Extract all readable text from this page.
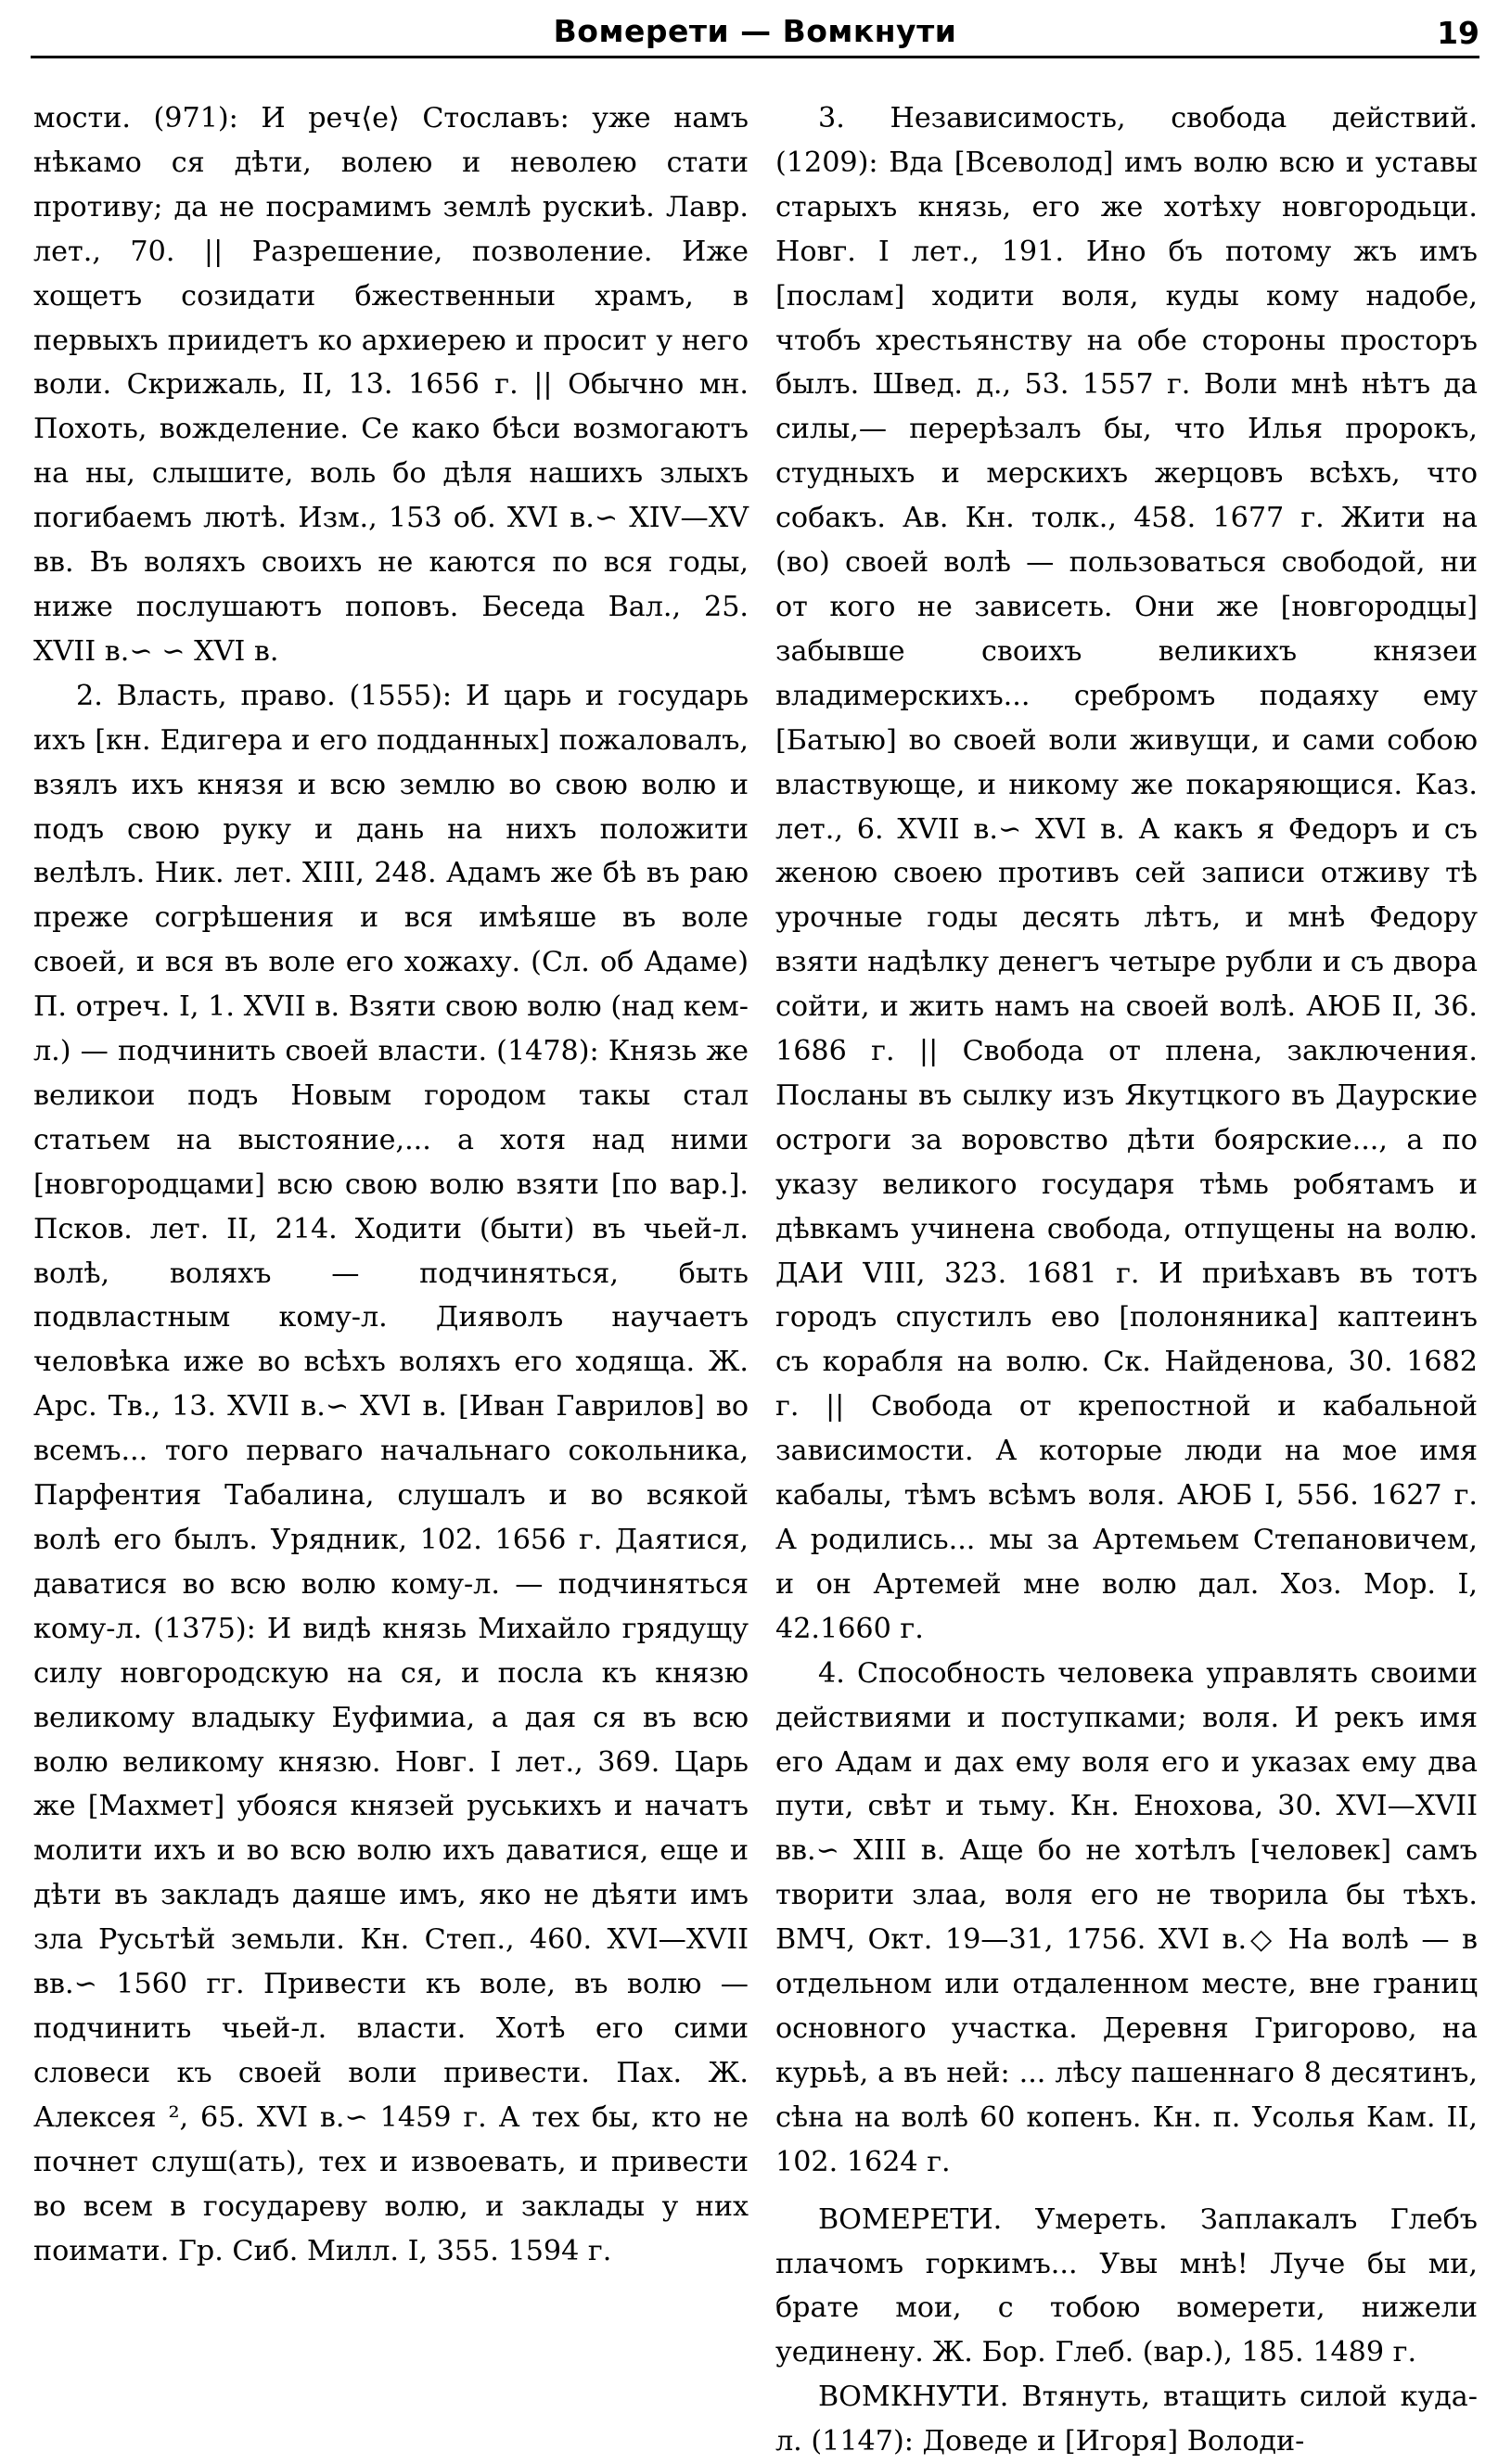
Вомерети — Вомкнути	19

мости. (971): И реч⟨е⟩ Стославъ: уже намъ нѣкамо ся дѣти, волею и неволею стати противу; да не посрамимъ землѣ рускиѣ. Лавр. лет., 70. || Разрешение, позволение. Иже хощетъ созидати бжественныи храмъ, в первыхъ приидетъ ко архиерею и просит у него воли. Скрижаль, II, 13. 1656 г. || Обычно мн. Похоть, вожделение. Се како бѣси возмогаютъ на ны, слышите, воль бо дѣля нашихъ злыхъ погибаемъ лютѣ. Изм., 153 об. XVI в.∽ XIV—XV вв. Въ воляхъ своихъ не каются по вся годы, ниже послушаютъ поповъ. Беседа Вал., 25. XVII в.∽ ∽ XVI в.

2. Власть, право. (1555): И царь и государь ихъ [кн. Едигера и его подданных] пожаловалъ, взялъ ихъ князя и всю землю во свою волю и подъ свою руку и дань на нихъ положити велѣлъ. Ник. лет. XIII, 248. Адамъ же бѣ въ раю преже согрѣшения и вся имѣяше въ воле своей, и вся въ воле его хожаху. (Сл. об Адаме) П. отреч. I, 1. XVII в. Взяти свою волю (над кем-л.) — подчинить своей власти. (1478): Князь же великои подъ Новым городом такы стал статьем на выстояние,... а хотя над ними [новгородцами] всю свою волю взяти [по вар.]. Псков. лет. II, 214. Ходити (быти) въ чьей-л. волѣ, воляхъ — подчиняться, быть подвластным кому-л. Дияволъ научаетъ человѣка иже во всѣхъ воляхъ его ходяща. Ж. Арс. Тв., 13. XVII в.∽ XVI в. [Иван Гаврилов] во всемъ... того перваго начальнаго сокольника, Парфентия Табалина, слушалъ и во всякой волѣ его былъ. Урядник, 102. 1656 г. Даятися, даватися во всю волю кому-л. — подчиняться кому-л. (1375): И видѣ князь Михайло грядущу силу новгородскую на ся, и посла къ князю великому владыку Еуфимиа, а дая ся въ всю волю великому князю. Новг. I лет., 369. Царь же [Махмет] убояся князей руськихъ и начатъ молити ихъ и во всю волю ихъ даватися, еще и дѣти въ закладъ даяше имъ, яко не дѣяти имъ зла Русьтѣй земьли. Кн. Степ., 460. XVI—XVII вв.∽ 1560 гг. Привести къ воле, въ волю — подчинить чьей-л. власти. Хотѣ его сими словеси къ своей воли привести. Пах. Ж. Алексея ², 65. XVI в.∽ 1459 г. А тех бы, кто не почнет слуш(ать), тех и извоевать, и привести во всем в государеву волю, и заклады у них поимати. Гр. Сиб. Милл. I, 355. 1594 г.

3. Независимость, свобода действий. (1209): Вда [Всеволод] имъ волю всю и уставы старыхъ князь, его же хотѣху новгородьци. Новг. I лет., 191. Ино бъ потому жъ имъ [послам] ходити воля, куды кому надобе, чтобъ хрестьянству на обе стороны просторъ былъ. Швед. д., 53. 1557 г. Воли мнѣ нѣтъ да силы,— перерѣзалъ бы, что Илья пророкъ, студныхъ и мерскихъ жерцовъ всѣхъ, что собакъ. Ав. Кн. толк., 458. 1677 г. Жити на (во) своей волѣ — пользоваться свободой, ни от кого не зависеть. Они же [новгородцы] забывше своихъ великихъ князеи владимерскихъ... сребромъ подаяху ему [Батыю] во своей воли живущи, и сами собою властвующе, и никому же покаряющися. Каз. лет., 6. XVII в.∽ XVI в. А какъ я Федоръ и съ женою своею противъ сей записи отживу тѣ урочные годы десять лѣтъ, и мнѣ Федору взяти надѣлку денегъ четыре рубли и съ двора сойти, и жить намъ на своей волѣ. АЮБ II, 36. 1686 г. || Свобода от плена, заключения. Посланы въ сылку изъ Якутцкого въ Даурские остроги за воровство дѣти боярские..., а по указу великого государя тѣмь робятамъ и дѣвкамъ учинена свобода, отпущены на волю. ДАИ VIII, 323. 1681 г. И приѣхавъ въ тотъ городъ спустилъ ево [полоняника] каптеинъ съ корабля на волю. Ск. Найденова, 30. 1682 г. || Свобода от крепостной и кабальной зависимости. А которые люди на мое имя кабалы, тѣмъ всѣмъ воля. АЮБ I, 556. 1627 г. А родились... мы за Артемьем Степановичем, и он Артемей мне волю дал. Хоз. Мор. I, 42.1660 г.

4. Способность человека управлять своими действиями и поступками; воля. И рекъ имя его Адам и дах ему воля его и указах ему два пути, свѣт и тьму. Кн. Енохова, 30. XVI—XVII вв.∽ XIII в. Аще бо не хотѣлъ [человек] самъ творити злаа, воля его не творила бы тѣхъ. ВМЧ, Окт. 19—31, 1756. XVI в.◇ На волѣ — в отдельном или отдаленном месте, вне границ основного участка. Деревня Григорово, на курьѣ, а въ ней: ... лѣсу пашеннаго 8 десятинъ, сѣна на волѣ 60 копенъ. Кн. п. Усолья Кам. II, 102. 1624 г.

ВОМЕРЕТИ. Умереть. Заплакалъ Глебъ плачомъ горкимъ... Увы мнѣ! Луче бы ми, брате мои, с тобою вомерети, нижели уединену. Ж. Бор. Глеб. (вар.), 185. 1489 г.

ВОМКНУТИ. Втянуть, втащить силой куда-л. (1147): Доведе и [Игоря] Володи-
